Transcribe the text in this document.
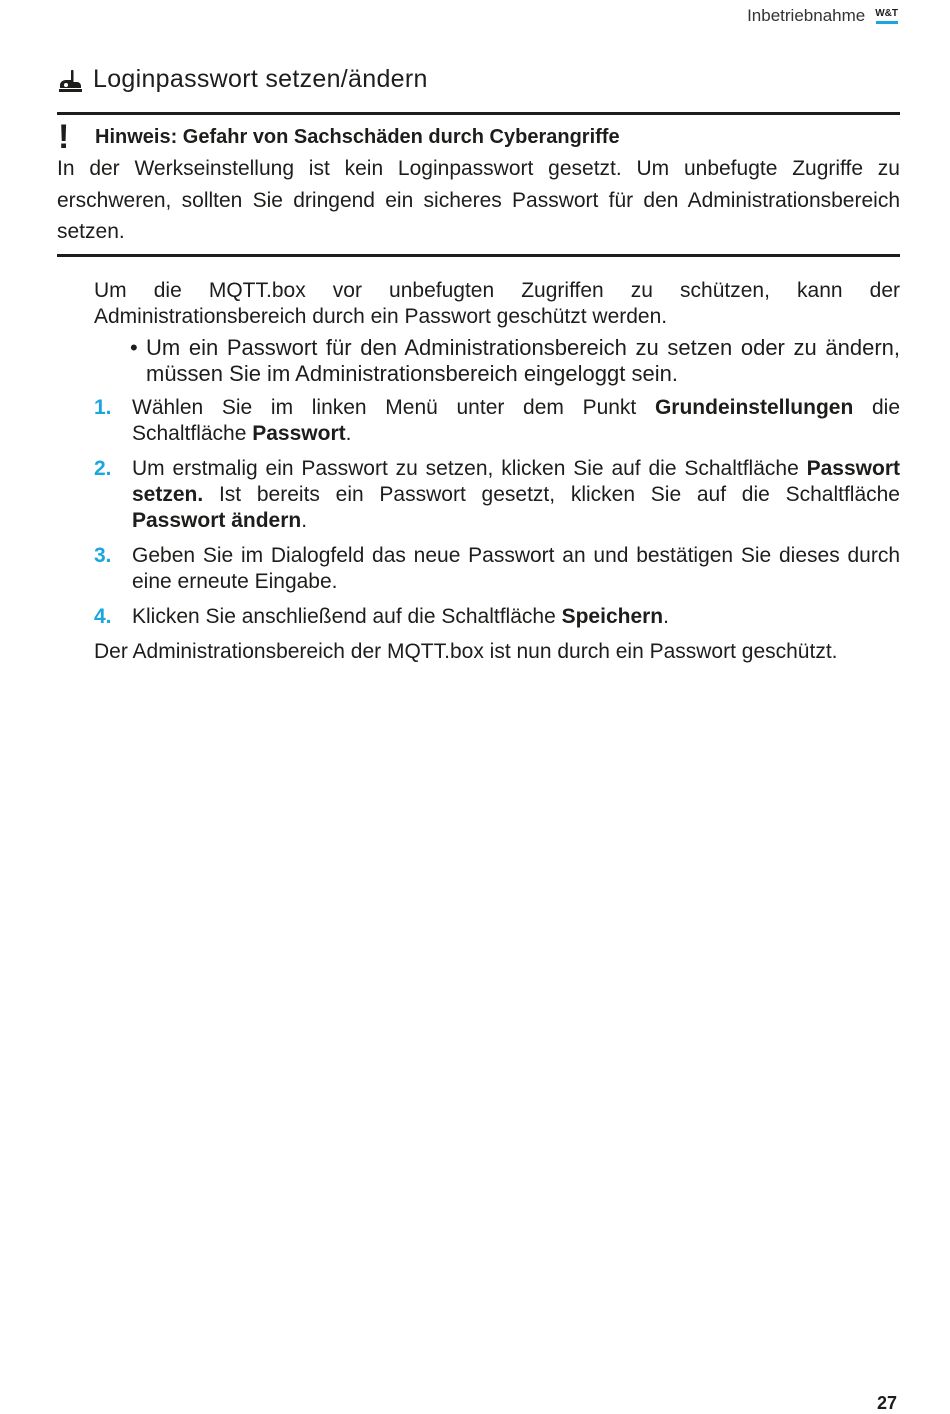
Inbetriebnahme W&T
Loginpasswort setzen/ändern
!	Hinweis: Gefahr von Sachschäden durch Cyberangriffe

In der Werkseinstellung ist kein Loginpasswort gesetzt. Um unbefugte Zugriffe zu erschweren, sollten Sie dringend ein sicheres Passwort für den Administrationsbereich setzen.

Um die MQTT.box vor unbefugten Zugriffen zu schützen, kann der Administrationsbereich durch ein Passwort geschützt werden.

• Um ein Passwort für den Administrationsbereich zu setzen oder zu ändern, müssen Sie im Administrationsbereich eingeloggt sein.
1. Wählen Sie im linken Menü unter dem Punkt Grundeinstellungen die Schaltfläche Passwort.
2. Um erstmalig ein Passwort zu setzen, klicken Sie auf die Schaltfläche Passwort setzen. Ist bereits ein Passwort gesetzt, klicken Sie auf die Schaltfläche Passwort ändern.
3. Geben Sie im Dialogfeld das neue Passwort an und bestätigen Sie dieses durch eine erneute Eingabe.
4. Klicken Sie anschließend auf die Schaltfläche Speichern.

Der Administrationsbereich der MQTT.box ist nun durch ein Passwort geschützt.

27
